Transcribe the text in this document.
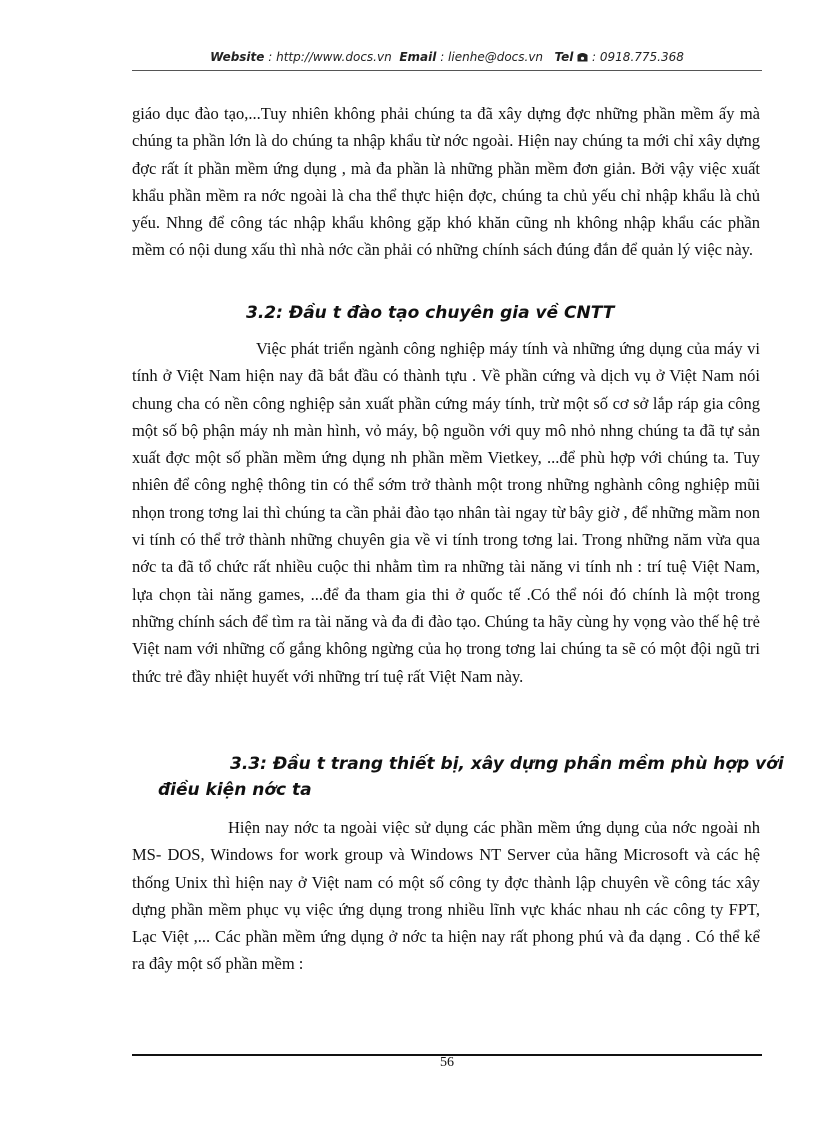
Website : http://www.docs.vn Email : lienhe@docs.vn Tel : 0918.775.368

giáo dục đào tạo,...Tuy nhiên không phải chúng ta đã xây dựng đợc những phần mềm ấy mà chúng ta phần lớn là do chúng ta nhập khẩu từ nớc ngoài. Hiện nay chúng ta mới chỉ xây dựng đợc rất ít phần mềm ứng dụng , mà đa phần là những phần mềm đơn giản. Bởi vậy việc xuất khẩu phần mềm ra nớc ngoài là cha thể thực hiện đợc, chúng ta chủ yếu chỉ nhập khẩu là chủ yếu. Nhng để công tác nhập khẩu không gặp khó khăn cũng nh không nhập khẩu các phần mềm có nội dung xấu thì nhà nớc cần phải có những chính sách đúng đắn để quản lý việc này.

3.2: Đầu t đào tạo chuyên gia về CNTT

Việc phát triển ngành công nghiệp máy tính và những ứng dụng của máy vi tính ở Việt Nam hiện nay đã bắt đầu có thành tựu . Về phần cứng và dịch vụ ở Việt Nam nói chung cha có nền công nghiệp sản xuất phần cứng máy tính, trừ một số cơ sở lắp ráp gia công một số bộ phận máy nh màn hình, vỏ máy, bộ nguồn với quy mô nhỏ nhng chúng ta đã tự sản xuất đợc một số phần mềm ứng dụng nh phần mềm Vietkey, ...để phù hợp với chúng ta. Tuy nhiên để công nghệ thông tin có thể sớm trở thành một trong những nghành công nghiệp mũi nhọn trong tơng lai thì chúng ta cần phải đào tạo nhân tài ngay từ bây giờ , để những mầm non vi tính có thể trở thành những chuyên gia về vi tính trong tơng lai. Trong những năm vừa qua nớc ta đã tổ chức rất nhiều cuộc thi nhằm tìm ra những tài năng vi tính nh : trí tuệ Việt Nam, lựa chọn tài năng games, ...để đa tham gia thi ở quốc tế .Có thể nói đó chính là một trong những chính sách để tìm ra tài năng và đa đi đào tạo. Chúng ta hãy cùng hy vọng vào thế hệ trẻ Việt nam với những cố gắng không ngừng của họ trong tơng lai chúng ta sẽ có một đội ngũ tri thức trẻ đầy nhiệt huyết với những trí tuệ rất Việt Nam này.

3.3: Đầu t trang thiết bị, xây dựng phần mềm phù hợp với

điều kiện nớc ta

Hiện nay nớc ta ngoài việc sử dụng các phần mềm ứng dụng của nớc ngoài nh MS- DOS, Windows for work group và Windows NT Server của hãng Microsoft và các hệ thống Unix thì hiện nay ở Việt nam có một số công ty đợc thành lập chuyên về công tác xây dựng phần mềm phục vụ việc ứng dụng trong nhiều lĩnh vực khác nhau nh các công ty FPT, Lạc Việt ,... Các phần mềm ứng dụng ở nớc ta hiện nay rất phong phú và đa dạng . Có thể kể ra đây một số phần mềm :

56
